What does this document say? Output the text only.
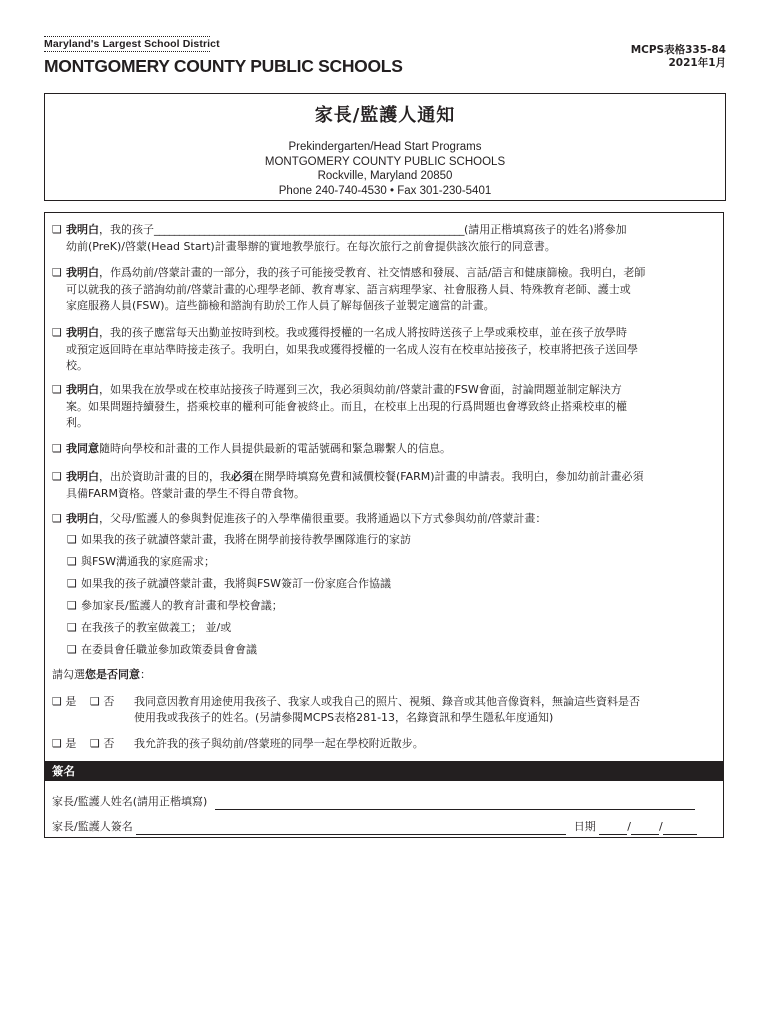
Maryland's Largest School District
MONTGOMERY COUNTY PUBLIC SCHOOLS
MCPS表格335-84
2021年1月
家長/監護人通知
Prekindergarten/Head Start Programs
MONTGOMERY COUNTY PUBLIC SCHOOLS
Rockville, Maryland 20850
Phone 240-740-4530 • Fax 301-230-5401
❑ 我明白，我的孩子______________________________________________________________(請用正楷填寫孩子的姓名)將參加
幼前(PreK)/啓蒙(Head Start)計畫舉辦的實地教學旅行。在每次旅行之前會提供該次旅行的同意書。
❑ 我明白，作爲幼前/啓蒙計畫的一部分，我的孩子可能接受教育、社交情感和發展、言話/語言和健康篩檢。我明白，老師
可以就我的孩子諮詢幼前/啓蒙計畫的心理學老師、教育專家、語言病理學家、社會服務人員、特殊教育老師、護士或
家庭服務人員(FSW)。這些篩檢和諮詢有助於工作人員了解每個孩子並製定適當的計畫。
❑ 我明白，我的孩子應當每天出勤並按時到校。我或獲得授權的一名成人將按時送孩子上學或乘校車，並在孩子放學時
或預定返回時在車站準時接走孩子。我明白，如果我或獲得授權的一名成人沒有在校車站接孩子，校車將把孩子送回學
校。
❑ 我明白，如果我在放學或在校車站接孩子時遲到三次，我必須與幼前/啓蒙計畫的FSW會面，討論問題並制定解決方
案。如果問題持續發生，搭乘校車的權利可能會被終止。而且，在校車上出現的行爲問題也會導致終止搭乘校車的權
利。
❑ 我同意隨時向學校和計畫的工作人員提供最新的電話號碼和緊急聯繫人的信息。
❑ 我明白，出於資助計畫的目的，我必須在開學時填寫免費和減價校餐(FARM)計畫的申請表。我明白，參加幼前計畫必須
具備FARM資格。啓蒙計畫的學生不得自帶食物。
❑ 我明白，父母/監護人的參與對促進孩子的入學準備很重要。我將通過以下方式參與幼前/啓蒙計畫：
❑ 如果我的孩子就讀啓蒙計畫，我將在開學前接待教學團隊進行的家訪
❑ 與FSW溝通我的家庭需求；
❑ 如果我的孩子就讀啓蒙計畫，我將與FSW簽訂一份家庭合作協議
❑ 參加家長/監護人的教育計畫和學校會議；
❑ 在我孩子的教室做義工； 並/或
❑ 在委員會任職並參加政策委員會會議
請勾選您是否同意：
❑ 是 ❑ 否 我同意因教育用途使用我孩子、我家人或我自己的照片、視頻、錄音或其他音像資料，無論這些資料是否
使用我或我孩子的姓名。(另請參閱MCPS表格281-13，名錄資訊和學生隱私年度通知)
❑ 是 ❑ 否 我允許我的孩子與幼前/啓蒙班的同學一起在學校附近散步。
簽名
家長/監護人姓名(請用正楷填寫)
家長/監護人簽名	日期	/	/
